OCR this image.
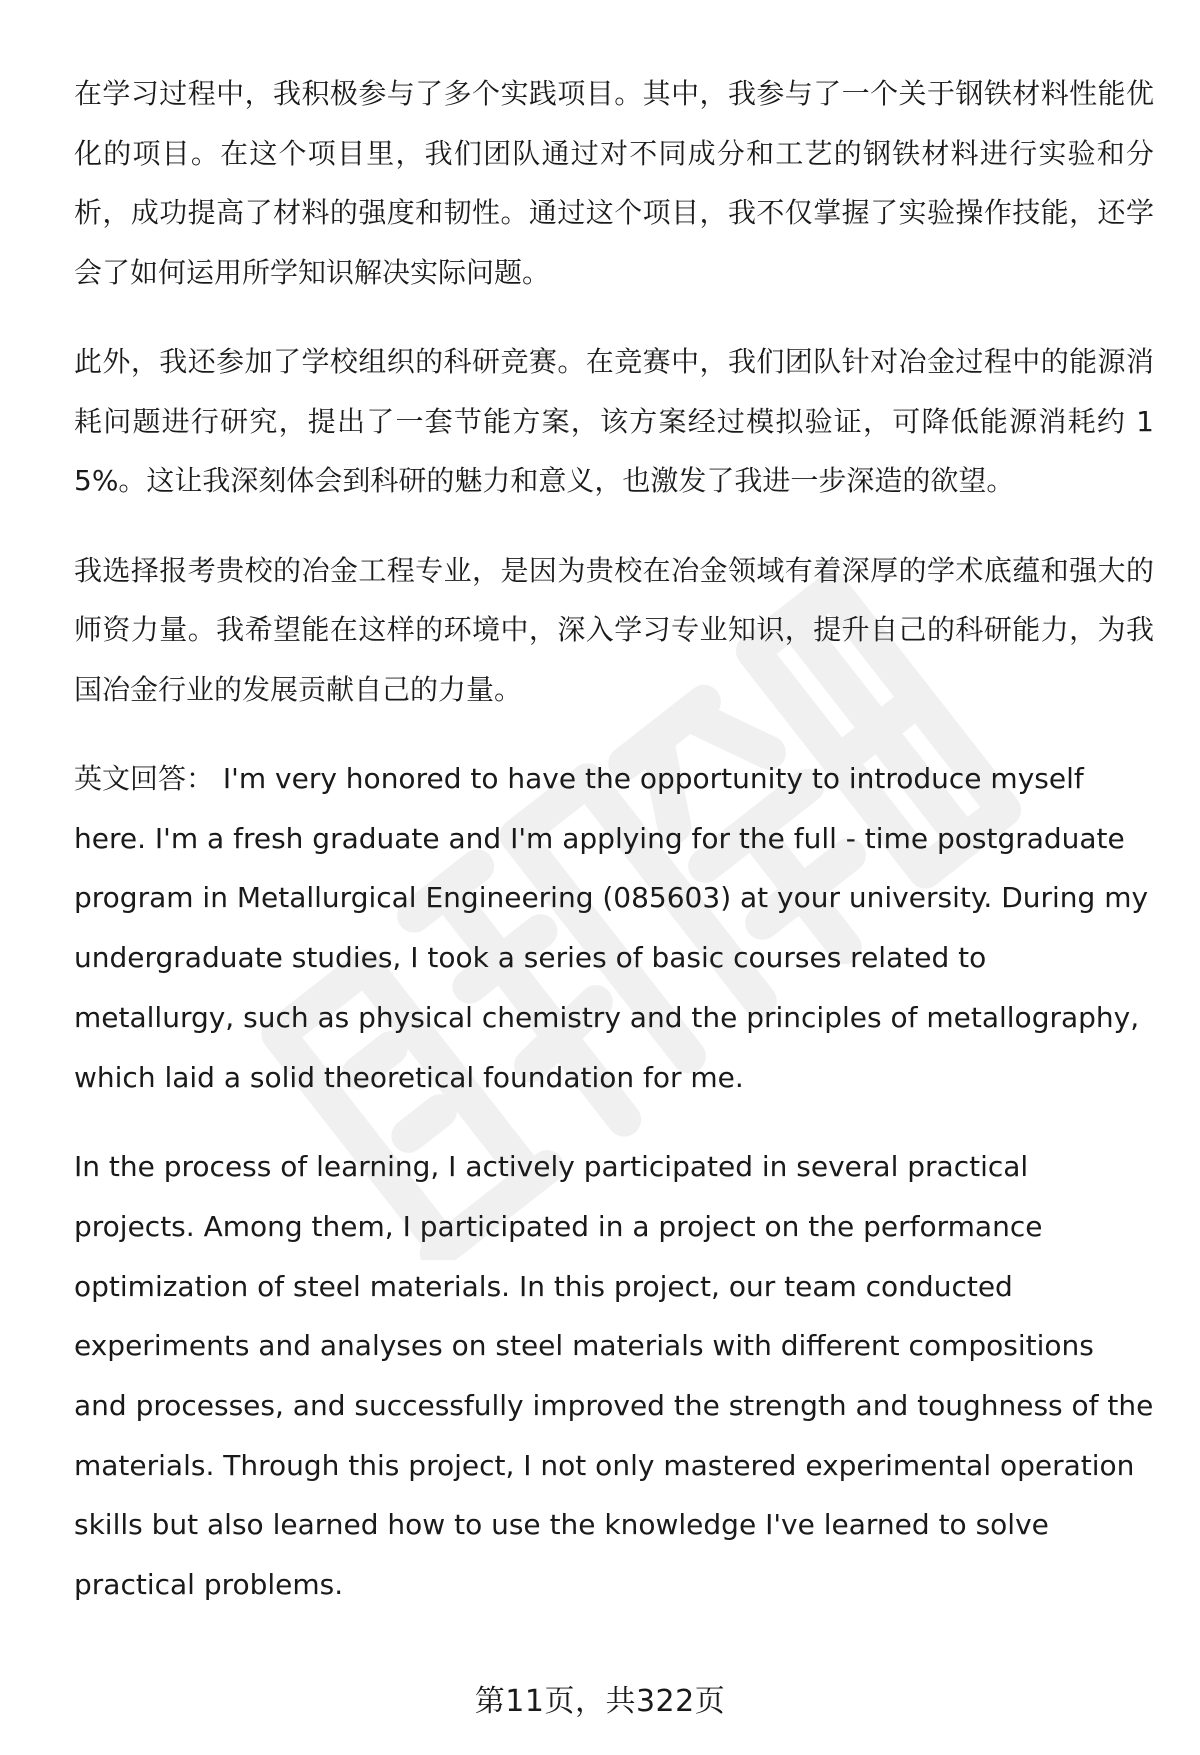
在学习过程中，我积极参与了多个实践项目。其中，我参与了一个关于钢铁材料性能优化的项目。在这个项目里，我们团队通过对不同成分和工艺的钢铁材料进行实验和分析，成功提高了材料的强度和韧性。通过这个项目，我不仅掌握了实验操作技能，还学会了如何运用所学知识解决实际问题。

此外，我还参加了学校组织的科研竞赛。在竞赛中，我们团队针对冶金过程中的能源消耗问题进行研究，提出了一套节能方案，该方案经过模拟验证，可降低能源消耗约 15%。这让我深刻体会到科研的魅力和意义，也激发了我进一步深造的欲望。

我选择报考贵校的冶金工程专业，是因为贵校在冶金领域有着深厚的学术底蕴和强大的师资力量。我希望能在这样的环境中，深入学习专业知识，提升自己的科研能力，为我国冶金行业的发展贡献自己的力量。

英文回答： I'm very honored to have the opportunity to introduce myself here. I'm a fresh graduate and I'm applying for the full - time postgraduate program in Metallurgical Engineering (085603) at your university. During my undergraduate studies, I took a series of basic courses related to metallurgy, such as physical chemistry and the principles of metallography, which laid a solid theoretical foundation for me.

In the process of learning, I actively participated in several practical projects. Among them, I participated in a project on the performance optimization of steel materials. In this project, our team conducted experiments and analyses on steel materials with different compositions and processes, and successfully improved the strength and toughness of the materials. Through this project, I not only mastered experimental operation skills but also learned how to use the knowledge I've learned to solve practical problems.

第11页，共322页
